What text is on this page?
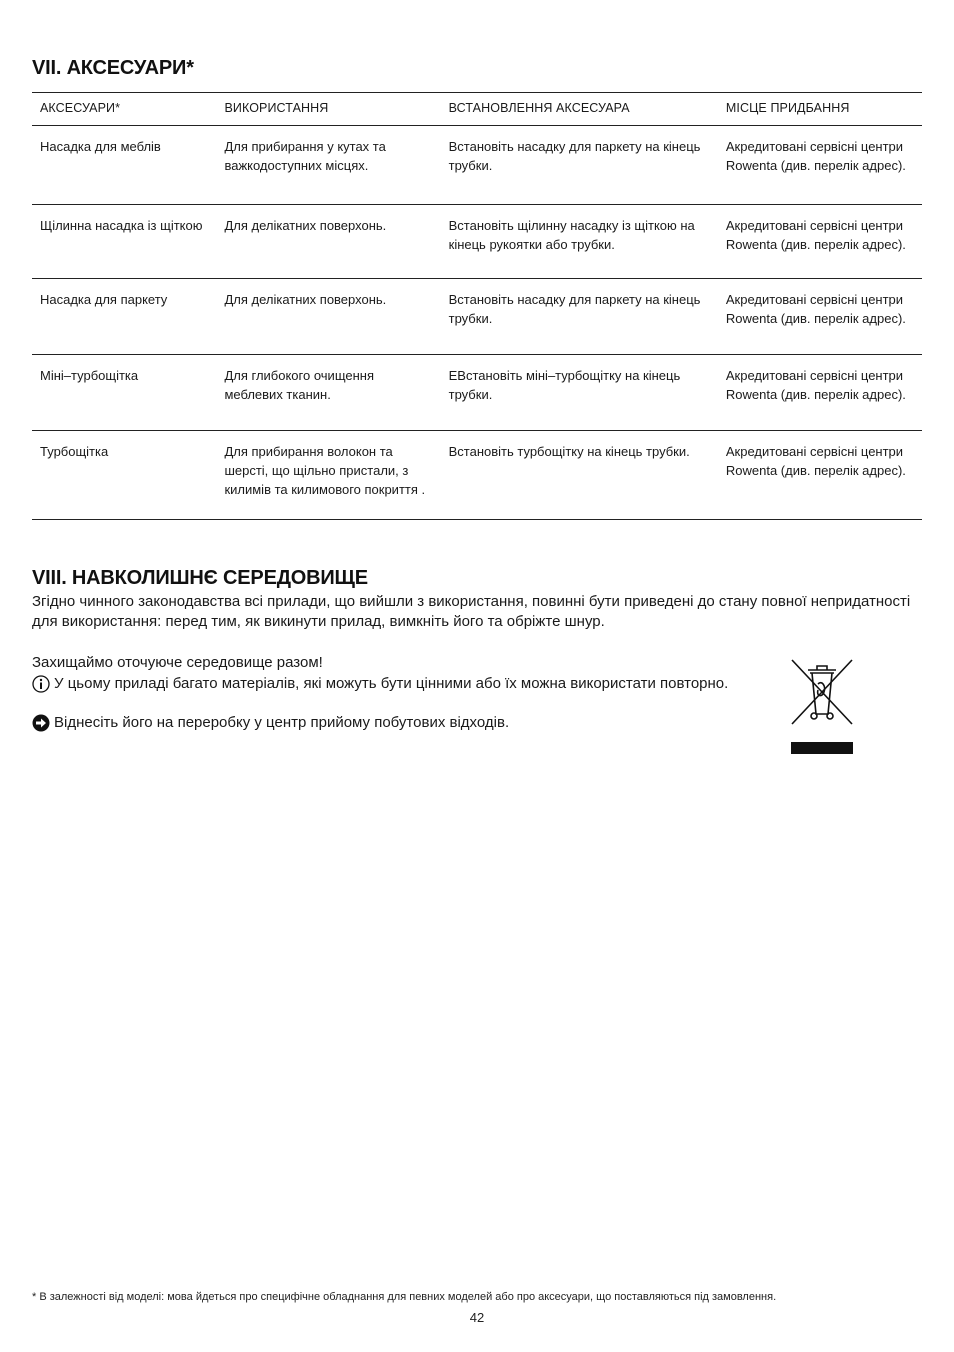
VII. АКСЕСУАРИ*
АКСЕСУАРИ*	ВИКОРИСТАННЯ	ВСТАНОВЛЕННЯ АКСЕСУАРА	МІСЦЕ ПРИДБАННЯ
Насадка для меблів	Для прибирання у кутах та важкодоступних місцях.	Встановіть насадку для паркету на кінець трубки.	Акредитовані сервісні центри Rowenta (див. перелік адрес).
Щілинна насадка із щіткою	Для делікатних поверхонь.	Встановіть щілинну насадку із щіткою на кінець рукоятки або трубки.	Акредитовані сервісні центри Rowenta (див. перелік адрес).
Насадка для паркету	Для делікатних поверхонь.	Встановіть насадку для паркету на кінець трубки.	Акредитовані сервісні центри Rowenta (див. перелік адрес).
Міні–турбощітка	Для глибокого очищення меблевих тканин.	ЕВстановіть міні–турбощітку на кінець трубки.	Акредитовані сервісні центри Rowenta (див. перелік адрес).
Турбощітка	Для прибирання волокон та шерсті, що щільно пристали, з килимів та килимового покриття .	Встановіть турбощітку на кінець трубки.	Акредитовані сервісні центри Rowenta (див. перелік адрес).
VIII. НАВКОЛИШНЄ СЕРЕДОВИЩЕ
Згідно чинного законодавства всі прилади, що вийшли з використання, повинні бути приведені до стану повної непридатності для використання: перед тим, як викинути прилад, вимкніть його та обріжте шнур.
Захищаймо оточуюче середовище разом!
У цьому приладі багато матеріалів, які можуть бути цінними або їх можна використати повторно.
Віднесіть його на переробку у центр прийому побутових відходів.
* В залежності від моделі: мова йдеться про специфічне обладнання для певних моделей або про аксесуари, що поставляються під замовлення.
42
